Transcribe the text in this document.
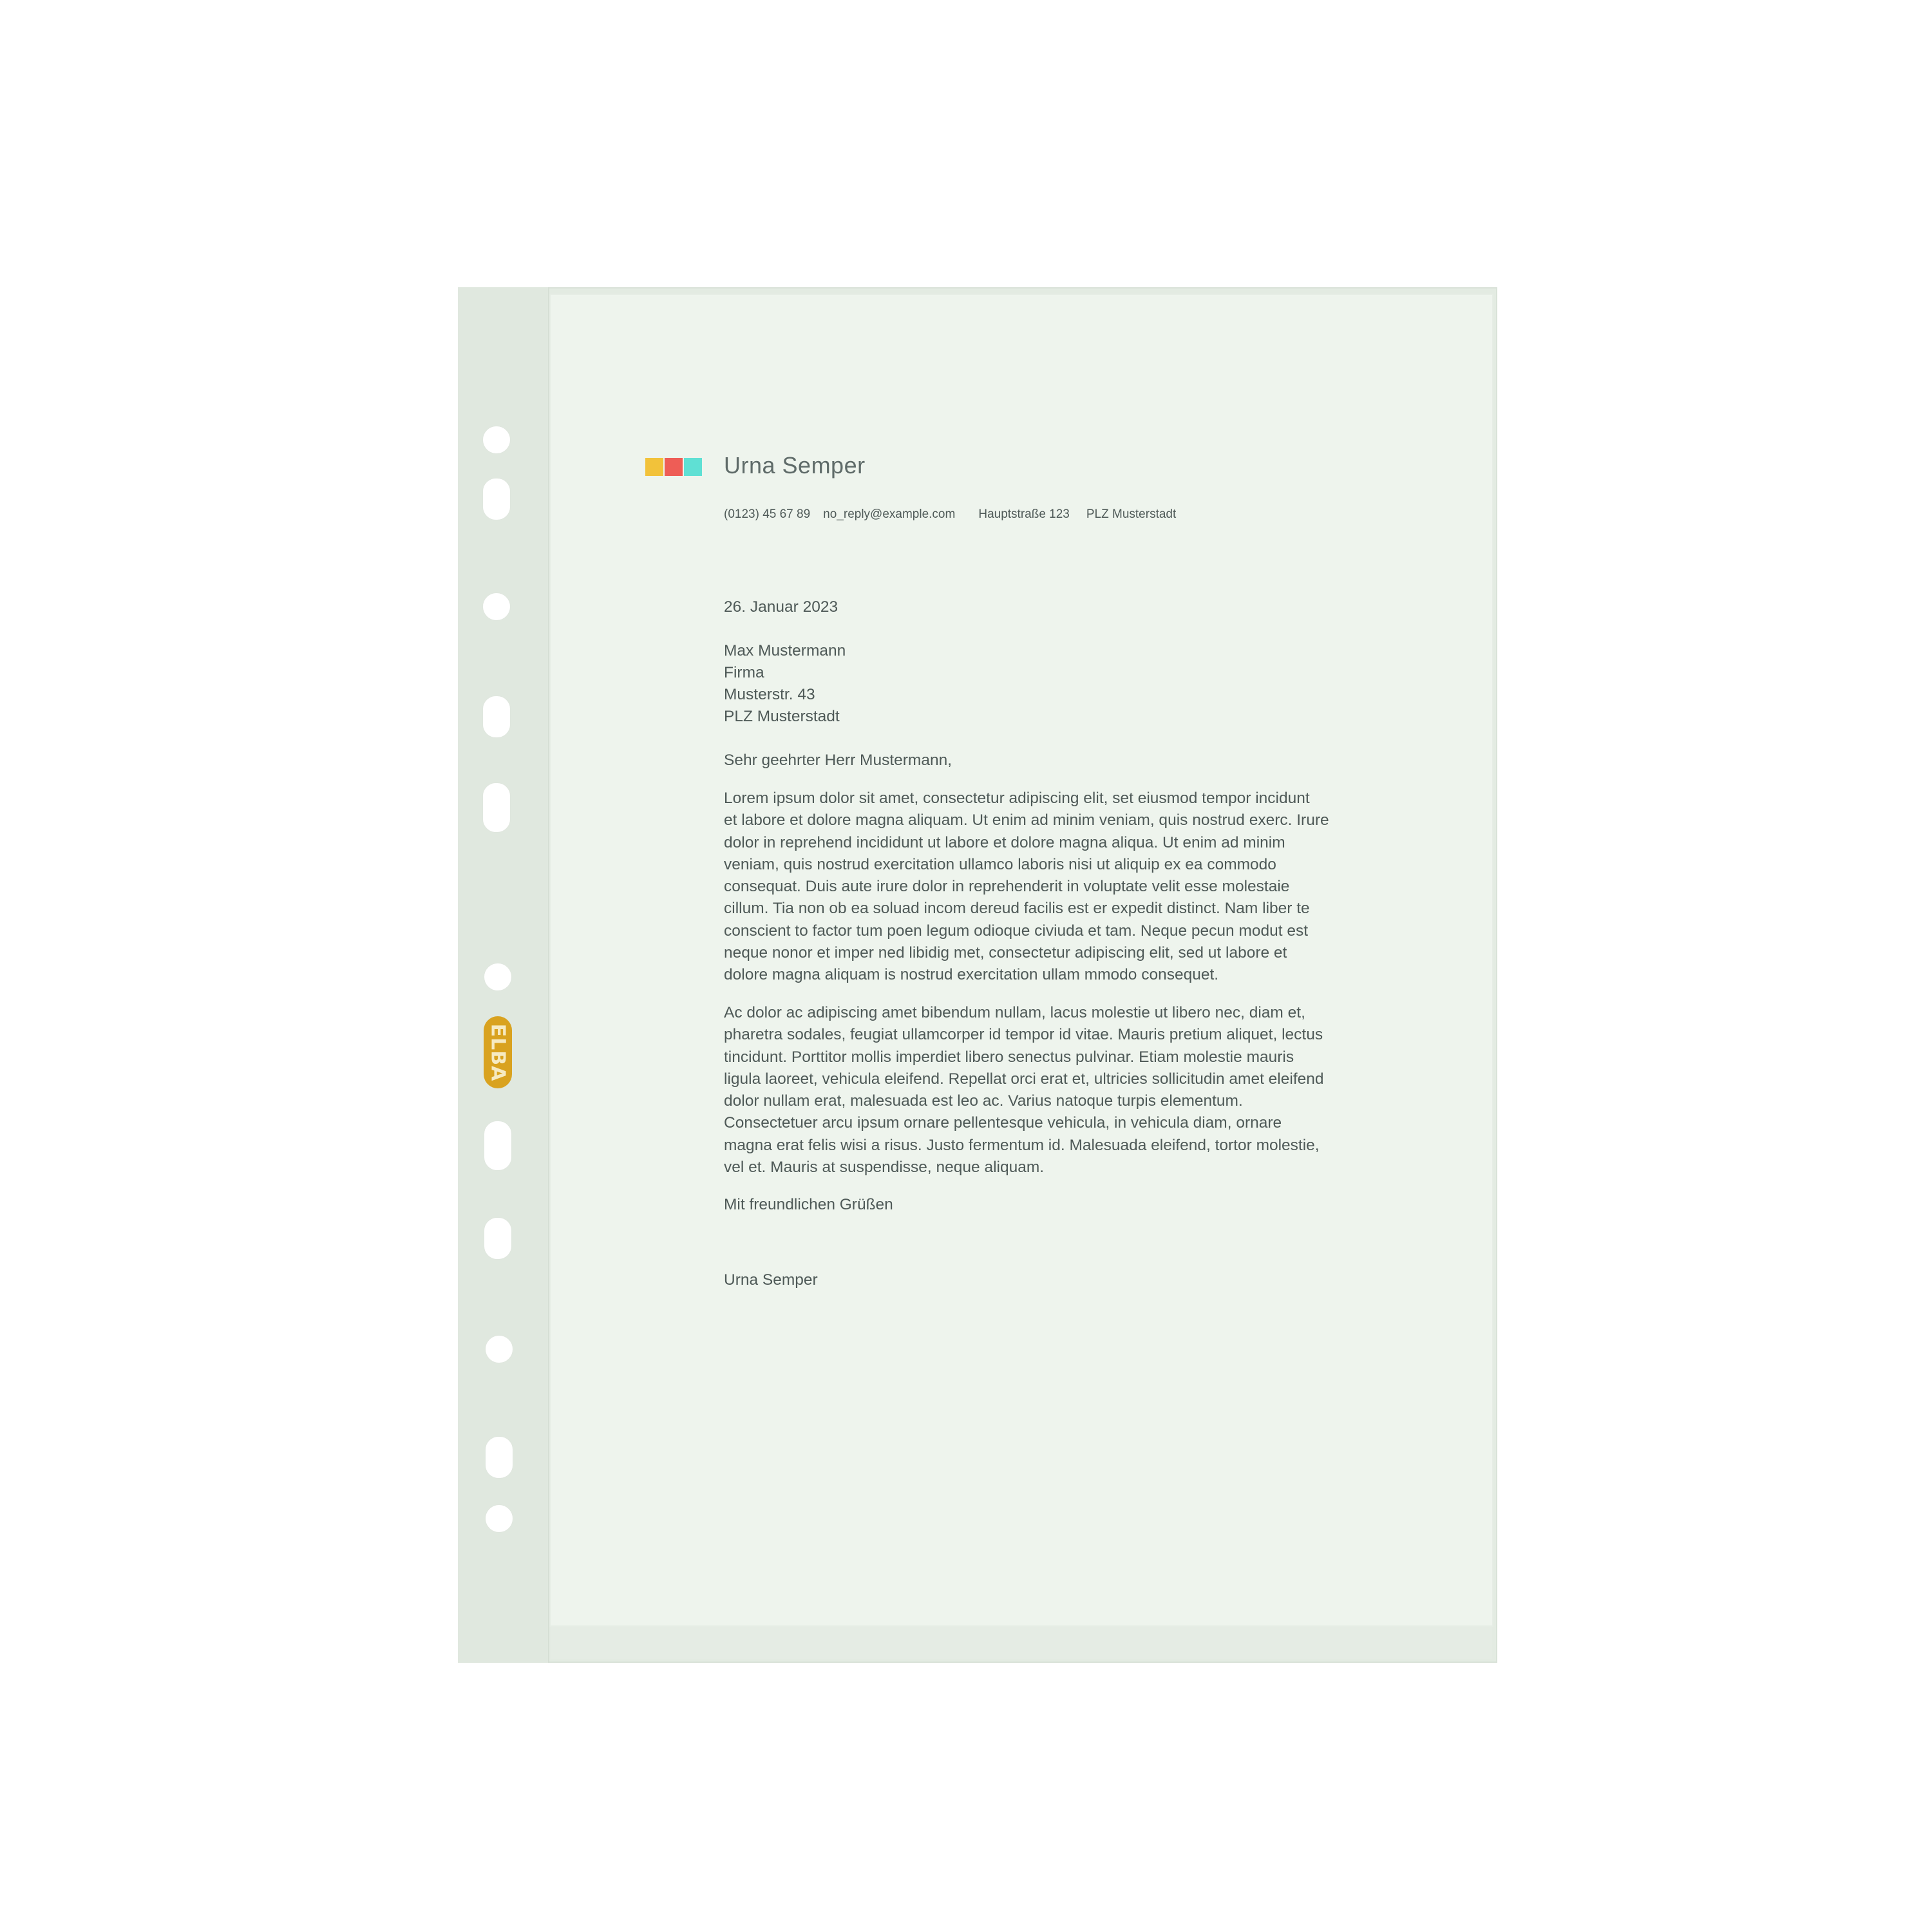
ELBA
Urna Semper
(0123) 45 67 89 no_reply@example.com Hauptstraße 123 PLZ Musterstadt
26. Januar 2023
Max Mustermann
Firma
Musterstr. 43
PLZ Musterstadt
Sehr geehrter Herr Mustermann,
Lorem ipsum dolor sit amet, consectetur adipiscing elit, set eiusmod tempor incidunt
et labore et dolore magna aliquam. Ut enim ad minim veniam, quis nostrud exerc. Irure
dolor in reprehend incididunt ut labore et dolore magna aliqua. Ut enim ad minim
veniam, quis nostrud exercitation ullamco laboris nisi ut aliquip ex ea commodo
consequat. Duis aute irure dolor in reprehenderit in voluptate velit esse molestaie
cillum. Tia non ob ea soluad incom dereud facilis est er expedit distinct. Nam liber te
conscient to factor tum poen legum odioque civiuda et tam. Neque pecun modut est
neque nonor et imper ned libidig met, consectetur adipiscing elit, sed ut labore et
dolore magna aliquam is nostrud exercitation ullam mmodo consequet.
Ac dolor ac adipiscing amet bibendum nullam, lacus molestie ut libero nec, diam et,
pharetra sodales, feugiat ullamcorper id tempor id vitae. Mauris pretium aliquet, lectus
tincidunt. Porttitor mollis imperdiet libero senectus pulvinar. Etiam molestie mauris
ligula laoreet, vehicula eleifend. Repellat orci erat et, ultricies sollicitudin amet eleifend
dolor nullam erat, malesuada est leo ac. Varius natoque turpis elementum.
Consectetuer arcu ipsum ornare pellentesque vehicula, in vehicula diam, ornare
magna erat felis wisi a risus. Justo fermentum id. Malesuada eleifend, tortor molestie,
vel et. Mauris at suspendisse, neque aliquam.
Mit freundlichen Grüßen
Urna Semper
